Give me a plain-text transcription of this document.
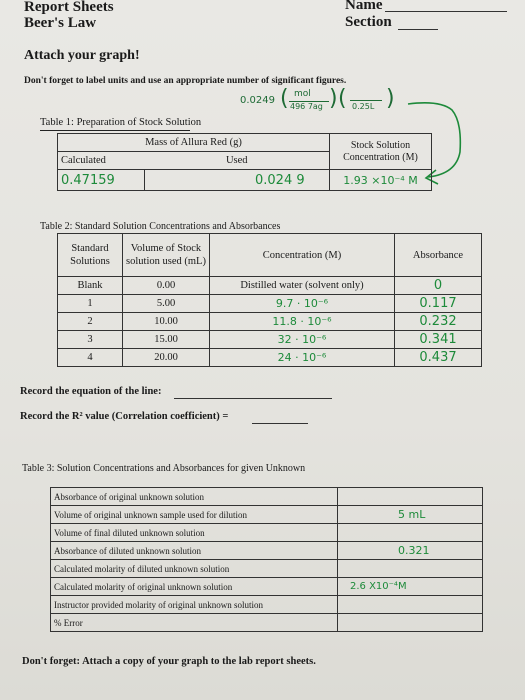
Report Sheets
Beer's Law
Name
Section
Attach your graph!
Don't forget to label units and use an appropriate number of significant figures.
0.0249 ( mol
496 7ag ) ( 0.25L )
Table 1: Preparation of Stock Solution
Mass of Allura Red (g)		Stock Solution Concentration (M)
Calculated	Used	
0.47159	0.024 9	1.93 ×10⁻⁴ M
Table 2: Standard Solution Concentrations and Absorbances
Standard Solutions	Volume of Stock solution used (mL)	Concentration (M)	Absorbance
Blank	0.00	Distilled water (solvent only)	0
1	5.00	9.7 · 10⁻⁶	0.117
2	10.00	11.8 · 10⁻⁶	0.232
3	15.00	32 · 10⁻⁶	0.341
4	20.00	24 · 10⁻⁶	0.437
Record the equation of the line:
Record the R² value (Correlation coefficient) =
Table 3: Solution Concentrations and Absorbances for given Unknown
Absorbance of original unknown solution	
Volume of original unknown sample used for dilution	5 mL
Volume of final diluted unknown solution	
Absorbance of diluted unknown solution	0.321
Calculated molarity of diluted unknown solution	
Calculated molarity of original unknown solution	2.6 X10⁻⁴M
Instructor provided molarity of original unknown solution	
% Error	
Don't forget: Attach a copy of your graph to the lab report sheets.
